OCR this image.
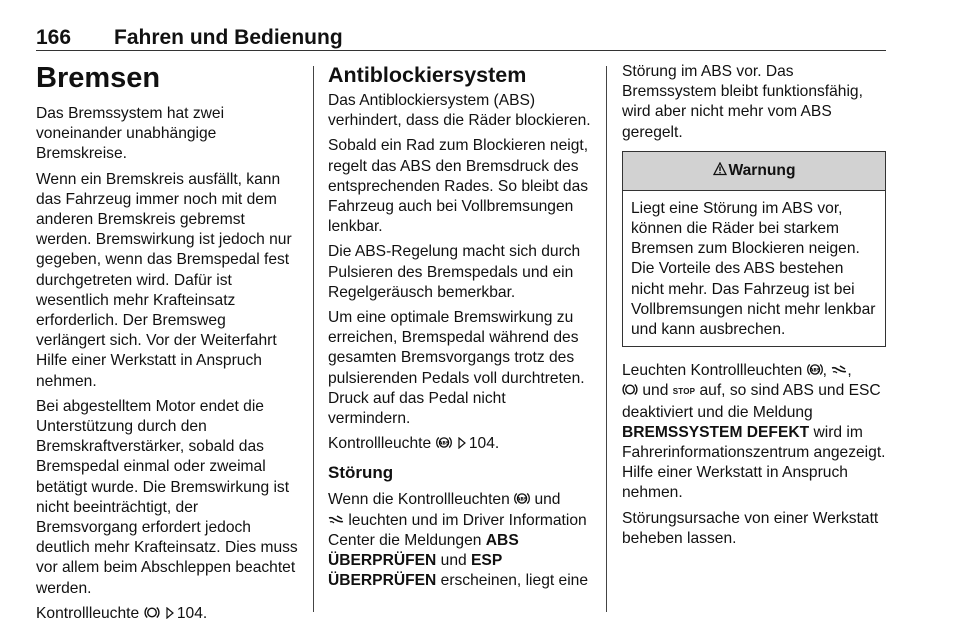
166 Fahren und Bedienung
Bremsen

Das Bremssystem hat zwei voneinander unabhängige Bremskreise.

Wenn ein Bremskreis ausfällt, kann das Fahrzeug immer noch mit dem anderen Bremskreis gebremst werden. Bremswirkung ist jedoch nur gegeben, wenn das Bremspedal fest durchgetreten wird. Dafür ist wesentlich mehr Krafteinsatz erforderlich. Der Bremsweg verlängert sich. Vor der Weiterfahrt Hilfe einer Werkstatt in Anspruch nehmen.

Bei abgestelltem Motor endet die Unterstützung durch den Bremskraftverstärker, sobald das Bremspedal einmal oder zweimal betätigt wurde. Die Bremswirkung ist nicht beeinträchtigt, der Bremsvorgang erfordert jedoch deutlich mehr Krafteinsatz. Dies muss vor allem beim Abschleppen beachtet werden.

Kontrollleuchte
104.

Antiblockiersystem

Das Antiblockiersystem (ABS) verhindert, dass die Räder blockieren.

Sobald ein Rad zum Blockieren neigt, regelt das ABS den Bremsdruck des entsprechenden Rades. So bleibt das Fahrzeug auch bei Vollbremsungen lenkbar.

Die ABS-Regelung macht sich durch Pulsieren des Bremspedals und ein Regelgeräusch bemerkbar.

Um eine optimale Bremswirkung zu erreichen, Bremspedal während des gesamten Bremsvorgangs trotz des pulsierenden Pedals voll durchtreten. Druck auf das Pedal nicht vermindern.

Kontrollleuchte ABS
104.

Störung

Wenn die Kontrollleuchten ABS und

leuchten und im Driver Information Center die Meldungen ABS ÜBERPRÜFEN und ESP ÜBERPRÜFEN erscheinen, liegt eine

Störung im ABS vor. Das Bremssystem bleibt funktionsfähig, wird aber nicht mehr vom ABS geregelt.

Warnung
Liegt eine Störung im ABS vor, können die Räder bei starkem Bremsen zum Blockieren neigen. Die Vorteile des ABS bestehen nicht mehr. Das Fahrzeug ist bei Vollbremsungen nicht mehr lenkbar und kann ausbrechen.

Leuchten Kontrollleuchten ABS , ,

und STOP auf, so sind ABS und ESC deaktiviert und die Meldung BREMSSYSTEM DEFEKT wird im Fahrerinformationszentrum angezeigt. Hilfe einer Werkstatt in Anspruch nehmen.

Störungsursache von einer Werkstatt beheben lassen.
